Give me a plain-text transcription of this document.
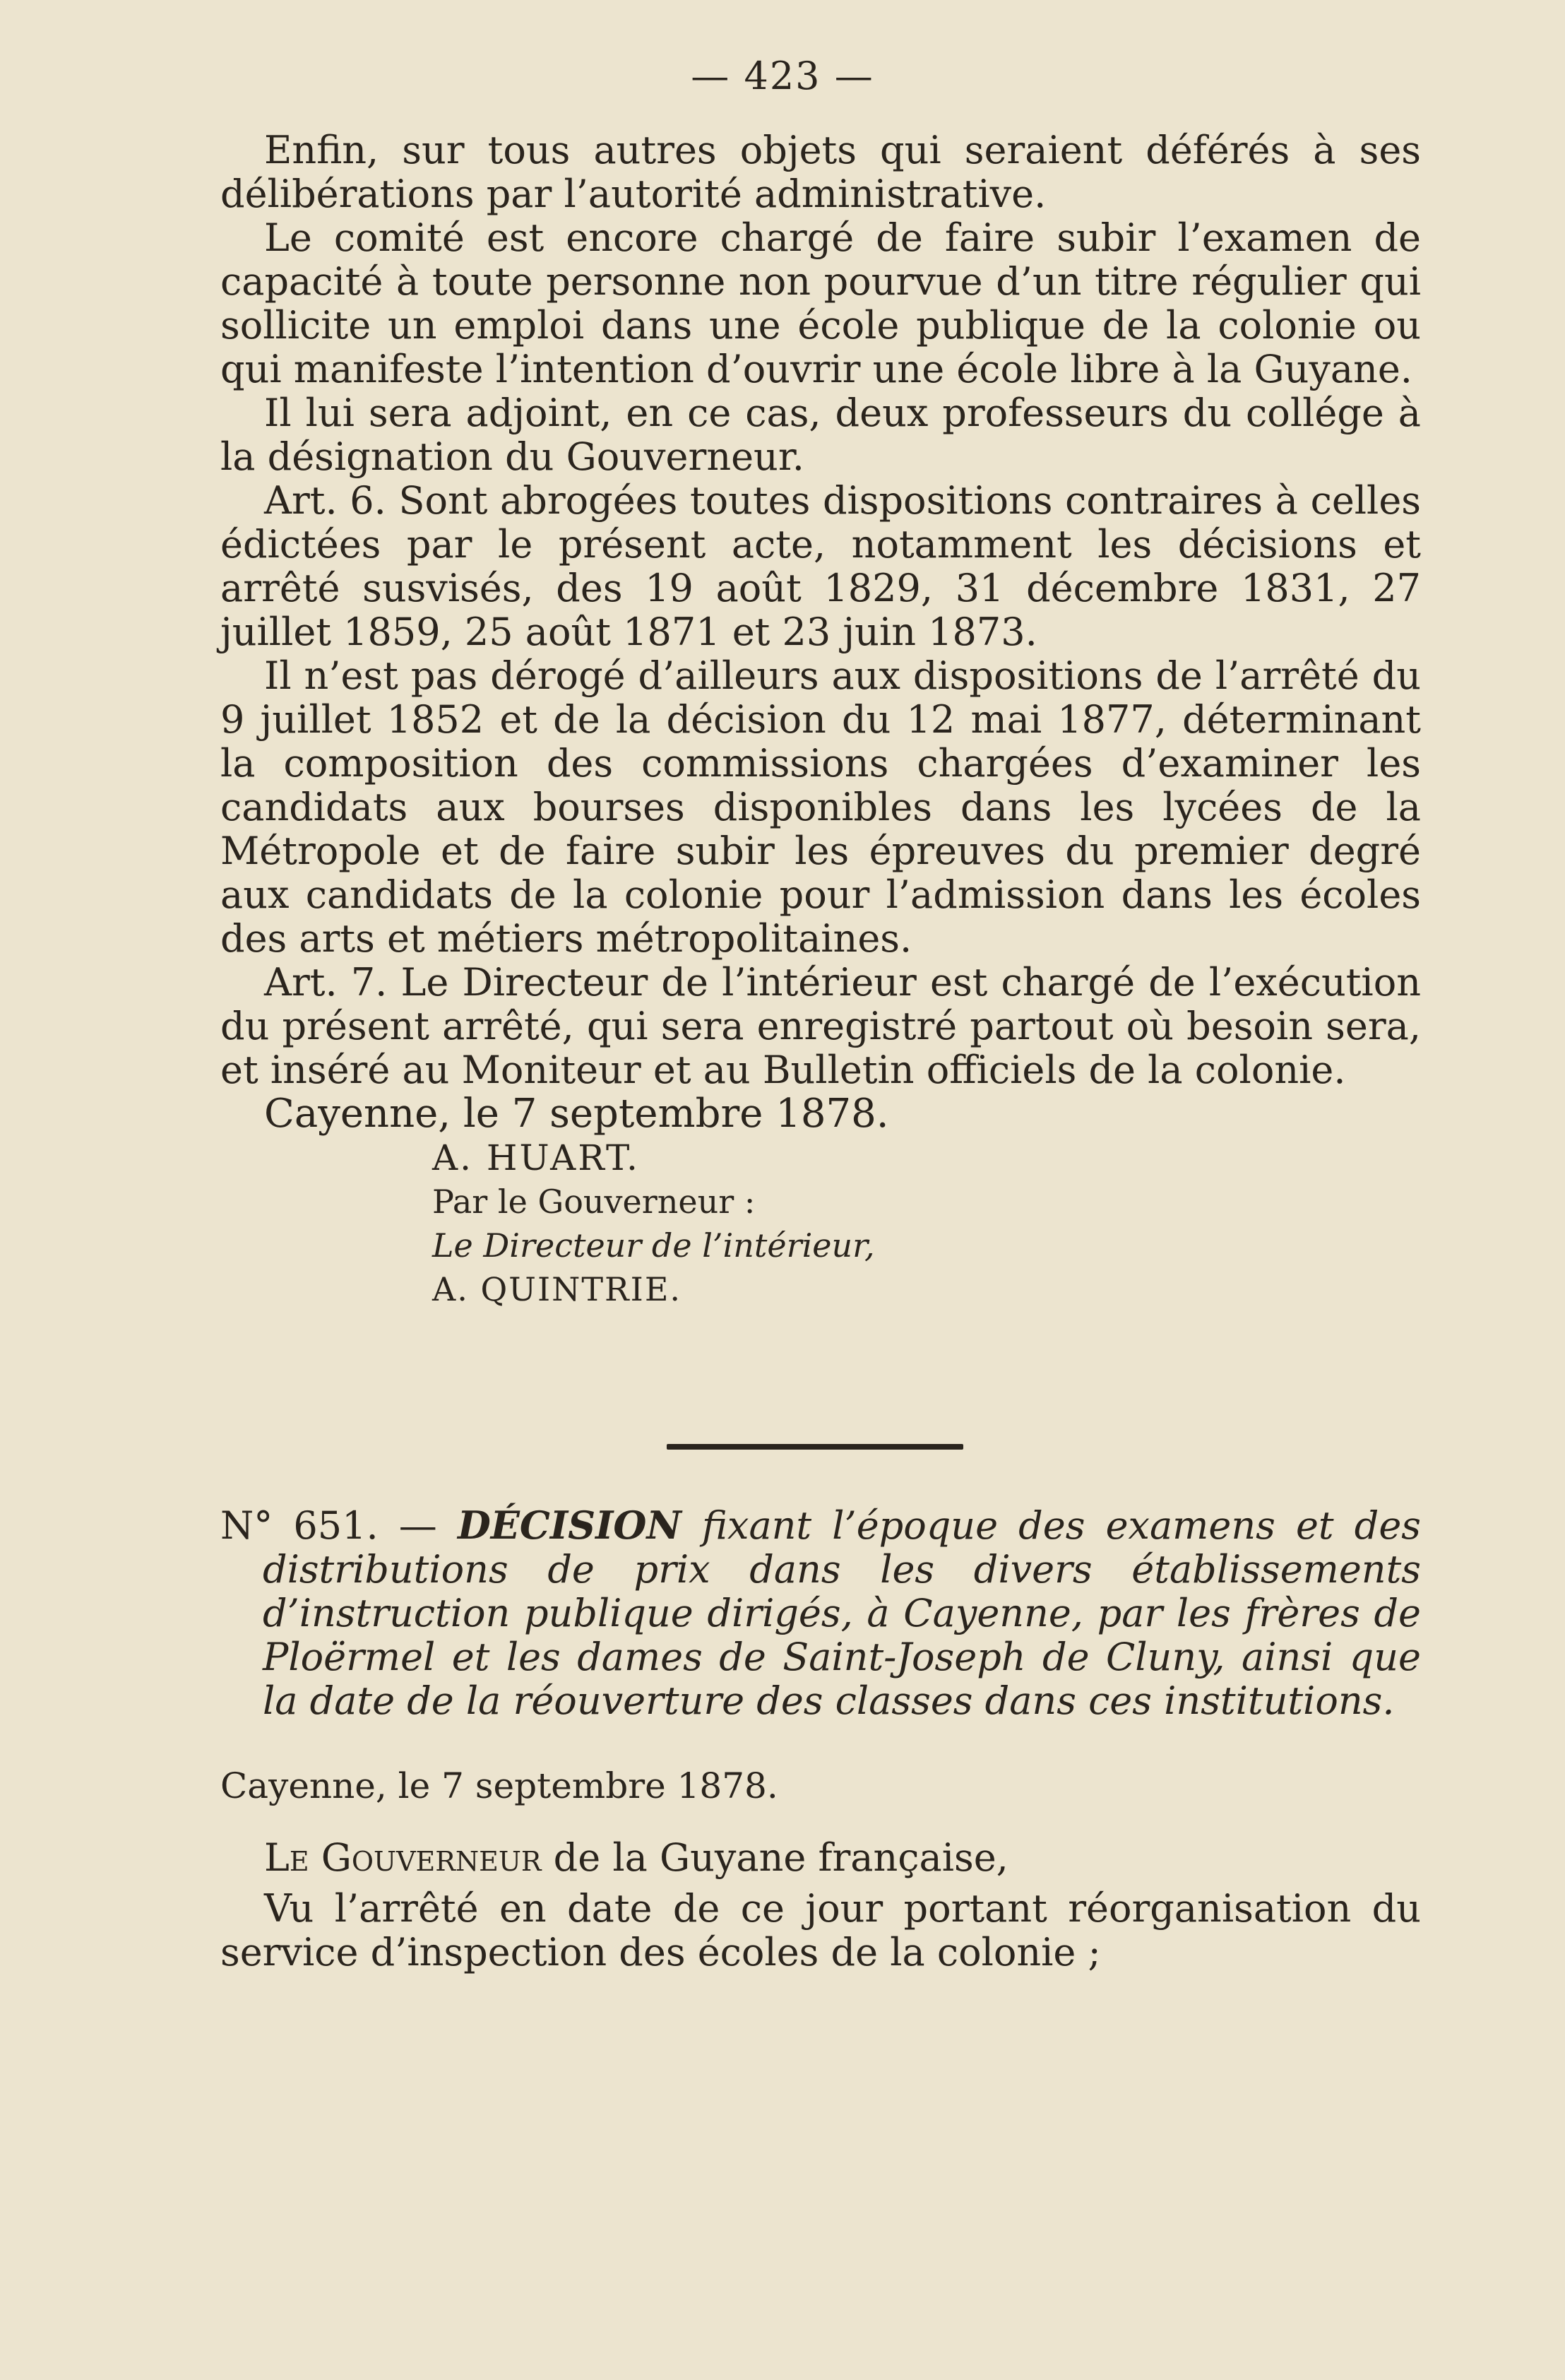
— 423 —

Enfin, sur tous autres objets qui seraient déférés à ses délibérations par l’autorité administrative.

Le comité est encore chargé de faire subir l’examen de capacité à toute personne non pourvue d’un titre régulier qui sollicite un emploi dans une école publique de la colonie ou qui manifeste l’intention d’ouvrir une école libre à la Guyane.

Il lui sera adjoint, en ce cas, deux professeurs du collége à la désignation du Gouverneur.

Art. 6. Sont abrogées toutes dispositions contraires à celles édictées par le présent acte, notamment les décisions et arrêté susvisés, des 19 août 1829, 31 décembre 1831, 27 juillet 1859, 25 août 1871 et 23 juin 1873.

Il n’est pas dérogé d’ailleurs aux dispositions de l’arrêté du 9 juillet 1852 et de la décision du 12 mai 1877, déterminant la composition des commissions chargées d’examiner les candidats aux bourses disponibles dans les lycées de la Métropole et de faire subir les épreuves du premier degré aux candidats de la colonie pour l’admission dans les écoles des arts et métiers métropolitaines.

Art. 7. Le Directeur de l’intérieur est chargé de l’exécution du présent arrêté, qui sera enregistré partout où besoin sera, et inséré au Moniteur et au Bulletin officiels de la colonie.

Cayenne, le 7 septembre 1878.

A. HUART.

Par le Gouverneur :

Le Directeur de l’intérieur,

A. QUINTRIE.

N° 651. — DÉCISION fixant l’époque des examens et des distributions de prix dans les divers établissements d’instruction publique dirigés, à Cayenne, par les frères de Ploërmel et les dames de Saint-Joseph de Cluny, ainsi que la date de la réouverture des classes dans ces institutions.

Cayenne, le 7 septembre 1878.

Le Gouverneur de la Guyane française,

Vu l’arrêté en date de ce jour portant réorganisation du service d’inspection des écoles de la colonie ;
